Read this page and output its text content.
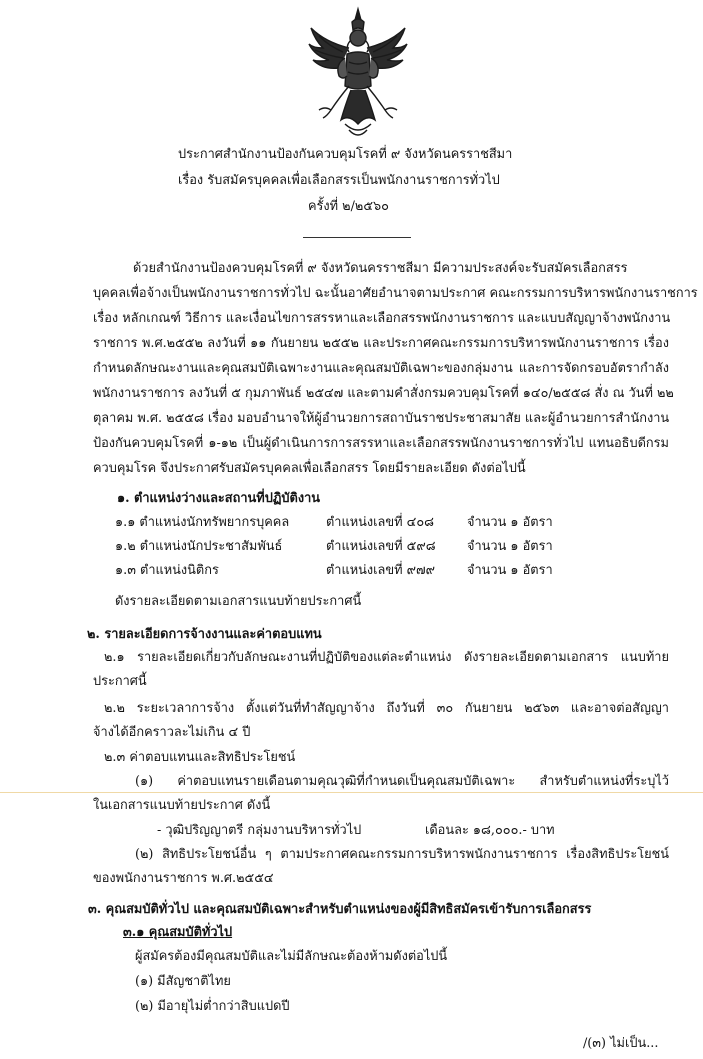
ประกาศสำนักงานป้องกันควบคุมโรคที่ ๙ จังหวัดนครราชสีมา
เรื่อง รับสมัครบุคคลเพื่อเลือกสรรเป็นพนักงานราชการทั่วไป
ครั้งที่ ๒/๒๕๖๐
ด้วยสำนักงานป้องควบคุมโรคที่ ๙ จังหวัดนครราชสีมา มีความประสงค์จะรับสมัครเลือกสรร
บุคคลเพื่อจ้างเป็นพนักงานราชการทั่วไป ฉะนั้นอาศัยอำนาจตามประกาศ คณะกรรมการบริหารพนักงานราชการ
เรื่อง หลักเกณฑ์ วิธีการ และเงื่อนไขการสรรหาและเลือกสรรพนักงานราชการ และแบบสัญญาจ้างพนักงาน
ราชการ พ.ศ.๒๕๕๒ ลงวันที่ ๑๑ กันยายน ๒๕๕๒ และประกาศคณะกรรมการบริหารพนักงานราชการ เรื่อง
กำหนดลักษณะงานและคุณสมบัติเฉพาะงานและคุณสมบัติเฉพาะของกลุ่มงาน และการจัดกรอบอัตรากำลัง
พนักงานราชการ ลงวันที่ ๕ กุมภาพันธ์ ๒๕๔๗ และตามคำสั่งกรมควบคุมโรคที่ ๑๔๐/๒๕๕๘ สั่ง ณ วันที่ ๒๒
ตุลาคม พ.ศ. ๒๕๕๘ เรื่อง มอบอำนาจให้ผู้อำนวยการสถาบันราชประชาสมาสัย และผู้อำนวยการสำนักงาน
ป้องกันควบคุมโรคที่ ๑-๑๒ เป็นผู้ดำเนินการการสรรหาและเลือกสรรพนักงานราชการทั่วไป แทนอธิบดีกรม
ควบคุมโรค จึงประกาศรับสมัครบุคคลเพื่อเลือกสรร โดยมีรายละเอียด ดังต่อไปนี้
๑. ตำแหน่งว่างและสถานที่ปฏิบัติงาน
๑.๑ ตำแหน่งนักทรัพยากรบุคคล	ตำแหน่งเลขที่ ๔๐๘	จำนวน ๑ อัตรา
๑.๒ ตำแหน่งนักประชาสัมพันธ์	ตำแหน่งเลขที่ ๕๙๘ จำนวน ๑ อัตรา
๑.๓ ตำแหน่งนิติกร	ตำแหน่งเลขที่ ๙๗๙ จำนวน ๑ อัตรา
ดังรายละเอียดตามเอกสารแนบท้ายประกาศนี้
๒. รายละเอียดการจ้างงานและค่าตอบแทน
๒.๑ รายละเอียดเกี่ยวกับลักษณะงานที่ปฏิบัติของแต่ละตำแหน่ง ดังรายละเอียดตามเอกสาร แนบท้าย
ประกาศนี้
๒.๒ ระยะเวลาการจ้าง ตั้งแต่วันที่ทำสัญญาจ้าง ถึงวันที่ ๓๐ กันยายน ๒๕๖๓ และอาจต่อสัญญา
จ้างได้อีกคราวละไม่เกิน ๔ ปี
๒.๓ ค่าตอบแทนและสิทธิประโยชน์
(๑) ค่าตอบแทนรายเดือนตามคุณวุฒิที่กำหนดเป็นคุณสมบัติเฉพาะ สำหรับตำแหน่งที่ระบุไว้
ในเอกสารแนบท้ายประกาศ ดังนี้
- วุฒิปริญญาตรี กลุ่มงานบริหารทั่วไป	เดือนละ ๑๘,๐๐๐.- บาท
(๒) สิทธิประโยชน์อื่น ๆ ตามประกาศคณะกรรมการบริหารพนักงานราชการ เรื่องสิทธิประโยชน์
ของพนักงานราชการ พ.ศ.๒๕๕๔
๓. คุณสมบัติทั่วไป และคุณสมบัติเฉพาะสำหรับตำแหน่งของผู้มีสิทธิสมัครเข้ารับการเลือกสรร
๓.๑ คุณสมบัติทั่วไป
ผู้สมัครต้องมีคุณสมบัติและไม่มีลักษณะต้องห้ามดังต่อไปนี้
(๑) มีสัญชาติไทย
(๒) มีอายุไม่ต่ำกว่าสิบแปดปี
/(๓) ไม่เป็น...
